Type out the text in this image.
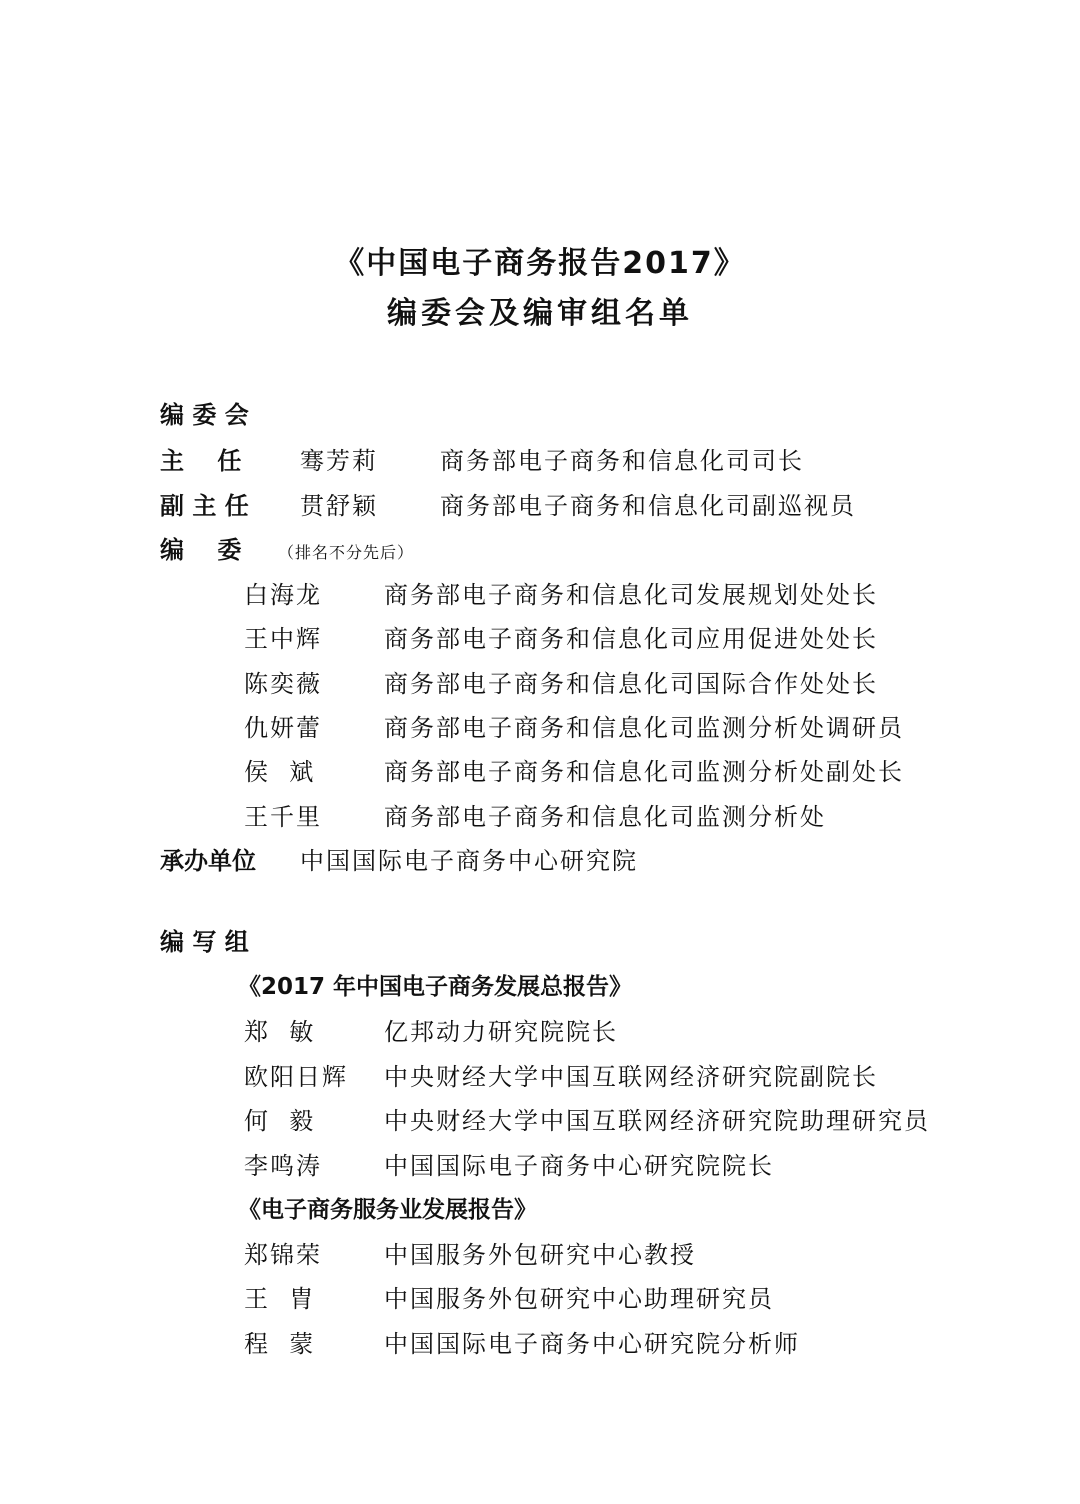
《中国电子商务报告2017》
编委会及编审组名单
编 委 会
主    任 骞芳莉	商务部电子商务和信息化司司长
副 主 任 贯舒颖	商务部电子商务和信息化司副巡视员
编    委 （排名不分先后）
白海龙	商务部电子商务和信息化司发展规划处处长
王中辉	商务部电子商务和信息化司应用促进处处长
陈奕薇	商务部电子商务和信息化司国际合作处处长
仇妍蕾	商务部电子商务和信息化司监测分析处调研员
侯  斌	商务部电子商务和信息化司监测分析处副处长
王千里	商务部电子商务和信息化司监测分析处
承办单位 中国国际电子商务中心研究院
编 写 组
《2017 年中国电子商务发展总报告》
郑  敏	亿邦动力研究院院长
欧阳日辉 中央财经大学中国互联网经济研究院副院长
何  毅	中央财经大学中国互联网经济研究院助理研究员
李鸣涛	中国国际电子商务中心研究院院长
《电子商务服务业发展报告》
郑锦荣	中国服务外包研究中心教授
王  胄	中国服务外包研究中心助理研究员
程  蒙	中国国际电子商务中心研究院分析师
